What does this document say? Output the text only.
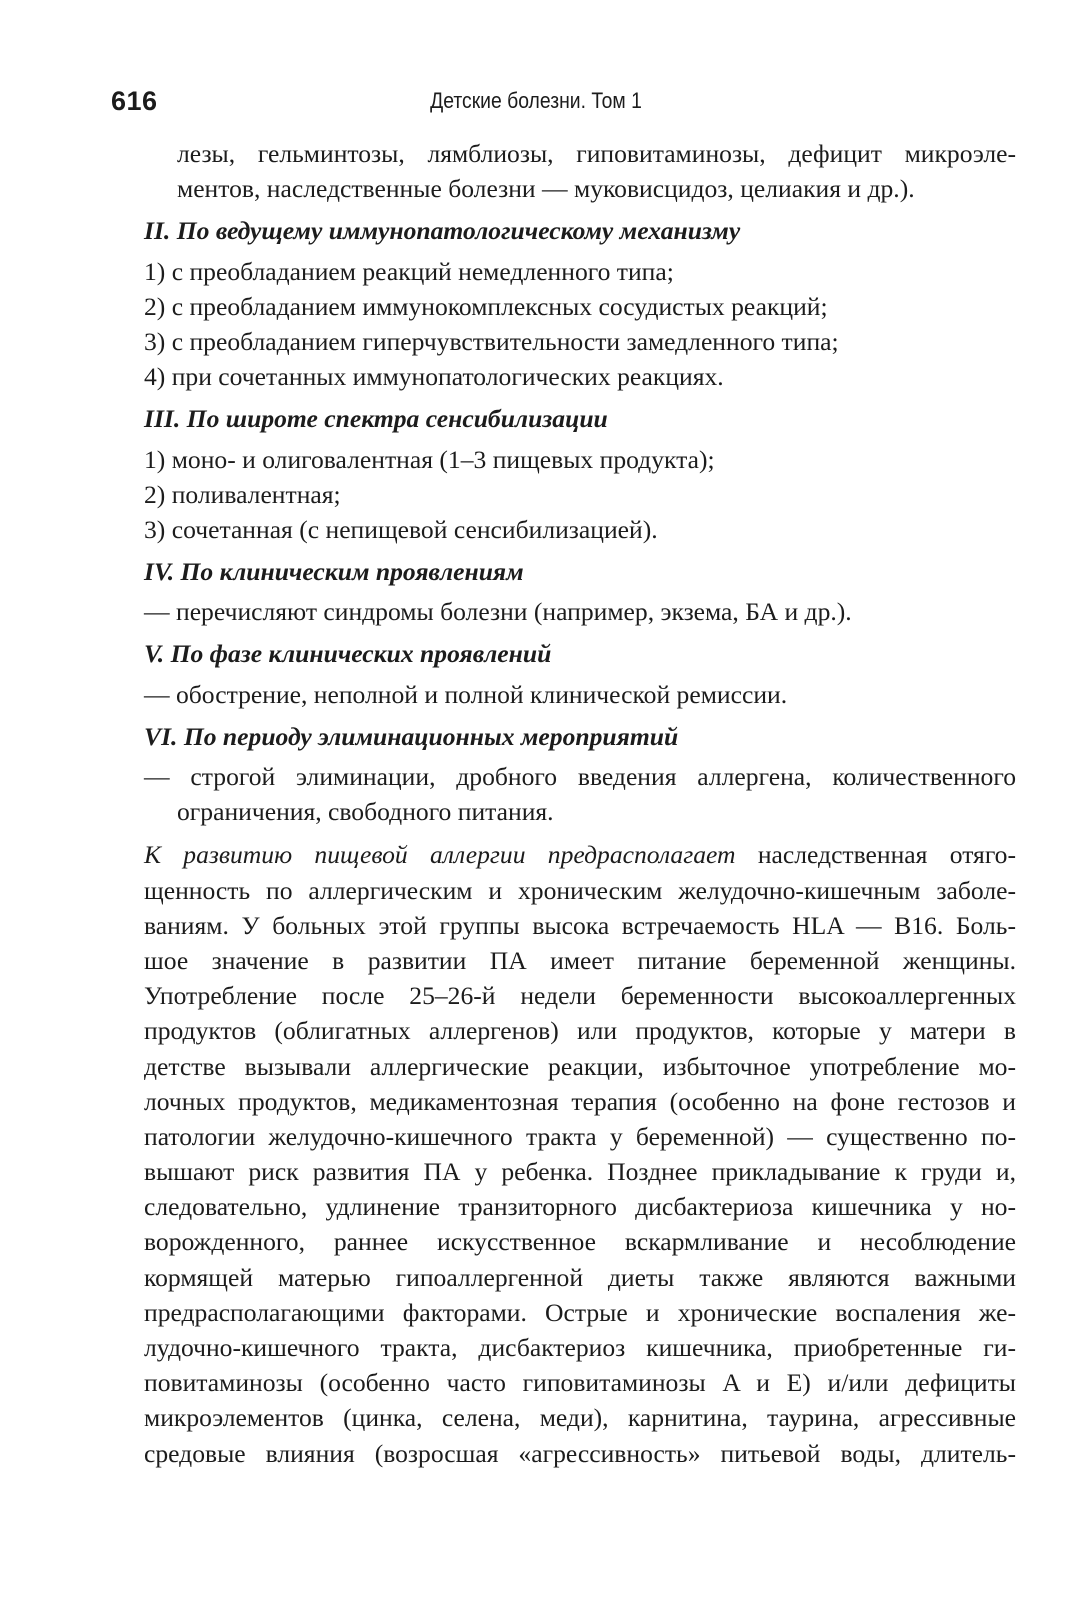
616	Детские болезни. Том 1
лезы, гельминтозы, лямблиозы, гиповитаминозы, дефицит микроэле-
ментов, наследственные болезни — муковисцидоз, целиакия и др.).
II. По ведущему иммунопатологическому механизму
1) с преобладанием реакций немедленного типа;
2) с преобладанием иммунокомплексных сосудистых реакций;
3) с преобладанием гиперчувствительности замедленного типа;
4) при сочетанных иммунопатологических реакциях.
III. По широте спектра сенсибилизации
1) моно- и олиговалентная (1–3 пищевых продукта);
2) поливалентная;
3) сочетанная (с непищевой сенсибилизацией).
IV. По клиническим проявлениям
— перечисляют синдромы болезни (например, экзема, БА и др.).
V. По фазе клинических проявлений
— обострение, неполной и полной клинической ремиссии.
VI. По периоду элиминационных мероприятий
— строгой элиминации, дробного введения аллергена, количественного
ограничения, свободного питания.
К развитию пищевой аллергии предрасполагает наследственная отяго-
щенность по аллергическим и хроническим желудочно-кишечным заболе-
ваниям. У больных этой группы высока встречаемость HLA — B16. Боль-
шое значение в развитии ПА имеет питание беременной женщины.
Употребление после 25–26-й недели беременности высокоаллергенных
продуктов (облигатных аллергенов) или продуктов, которые у матери в
детстве вызывали аллергические реакции, избыточное употребление мо-
лочных продуктов, медикаментозная терапия (особенно на фоне гестозов и
патологии желудочно-кишечного тракта у беременной) — существенно по-
вышают риск развития ПА у ребенка. Позднее прикладывание к груди и,
следовательно, удлинение транзиторного дисбактериоза кишечника у но-
ворожденного, раннее искусственное вскармливание и несоблюдение
кормящей матерью гипоаллергенной диеты также являются важными
предрасполагающими факторами. Острые и хронические воспаления же-
лудочно-кишечного тракта, дисбактериоз кишечника, приобретенные ги-
повитаминозы (особенно часто гиповитаминозы A и E) и/или дефициты
микроэлементов (цинка, селена, меди), карнитина, таурина, агрессивные
средовые влияния (возросшая «агрессивность» питьевой воды, длитель-
